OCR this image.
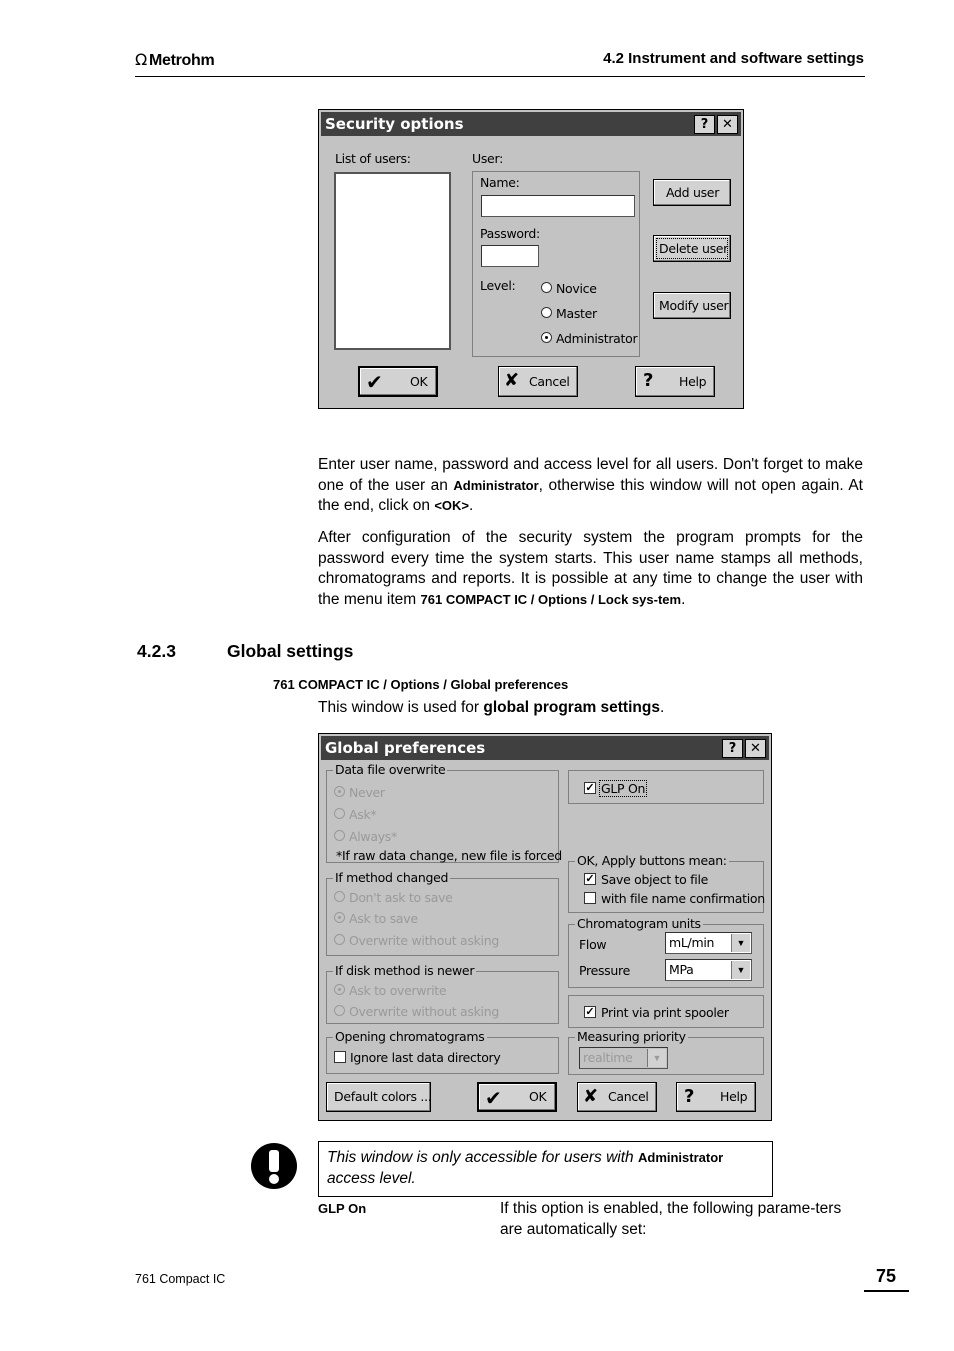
Ω Metrohm	4.2 Instrument and software settings
Security options	?	✕
List of users:	User:
Name:
Password:
Level:	Novice
Master
Administrator
Add user
Delete user
Modify user
✔ OK	✘ Cancel	? Help
Enter user name, password and access level for all users. Don't forget to make one of the user an Administrator, otherwise this window will not open again. At the end, click on <OK>.
After configuration of the security system the program prompts for the password every time the system starts. This user name stamps all methods, chromatograms and reports. It is possible at any time to change the user with the menu item 761 COMPACT IC / Options / Lock sys-tem.
4.2.3	Global settings
761 COMPACT IC / Options / Global preferences
This window is used for global program settings.
Global preferences	?	✕
Data file overwrite
Never
Ask*
Always*
*If raw data change, new file is forced
If method changed
Don't ask to save
Ask to save
Overwrite without asking
If disk method is newer
Ask to overwrite
Overwrite without asking
Opening chromatograms
Ignore last data directory
✓ GLP On
OK, Apply buttons mean:
✓ Save object to file
with file name confirmation
Chromatogram units
Flow	mL/min	▼
Pressure	MPa	▼
✓ Print via print spooler
Measuring priority
realtime	▼
Default colors ...	✔ OK ✘ Cancel ? Help
This window is only accessible for users with Administrator access level.
GLP On	If this option is enabled, the following parame-ters are automatically set:
761 Compact IC	75
